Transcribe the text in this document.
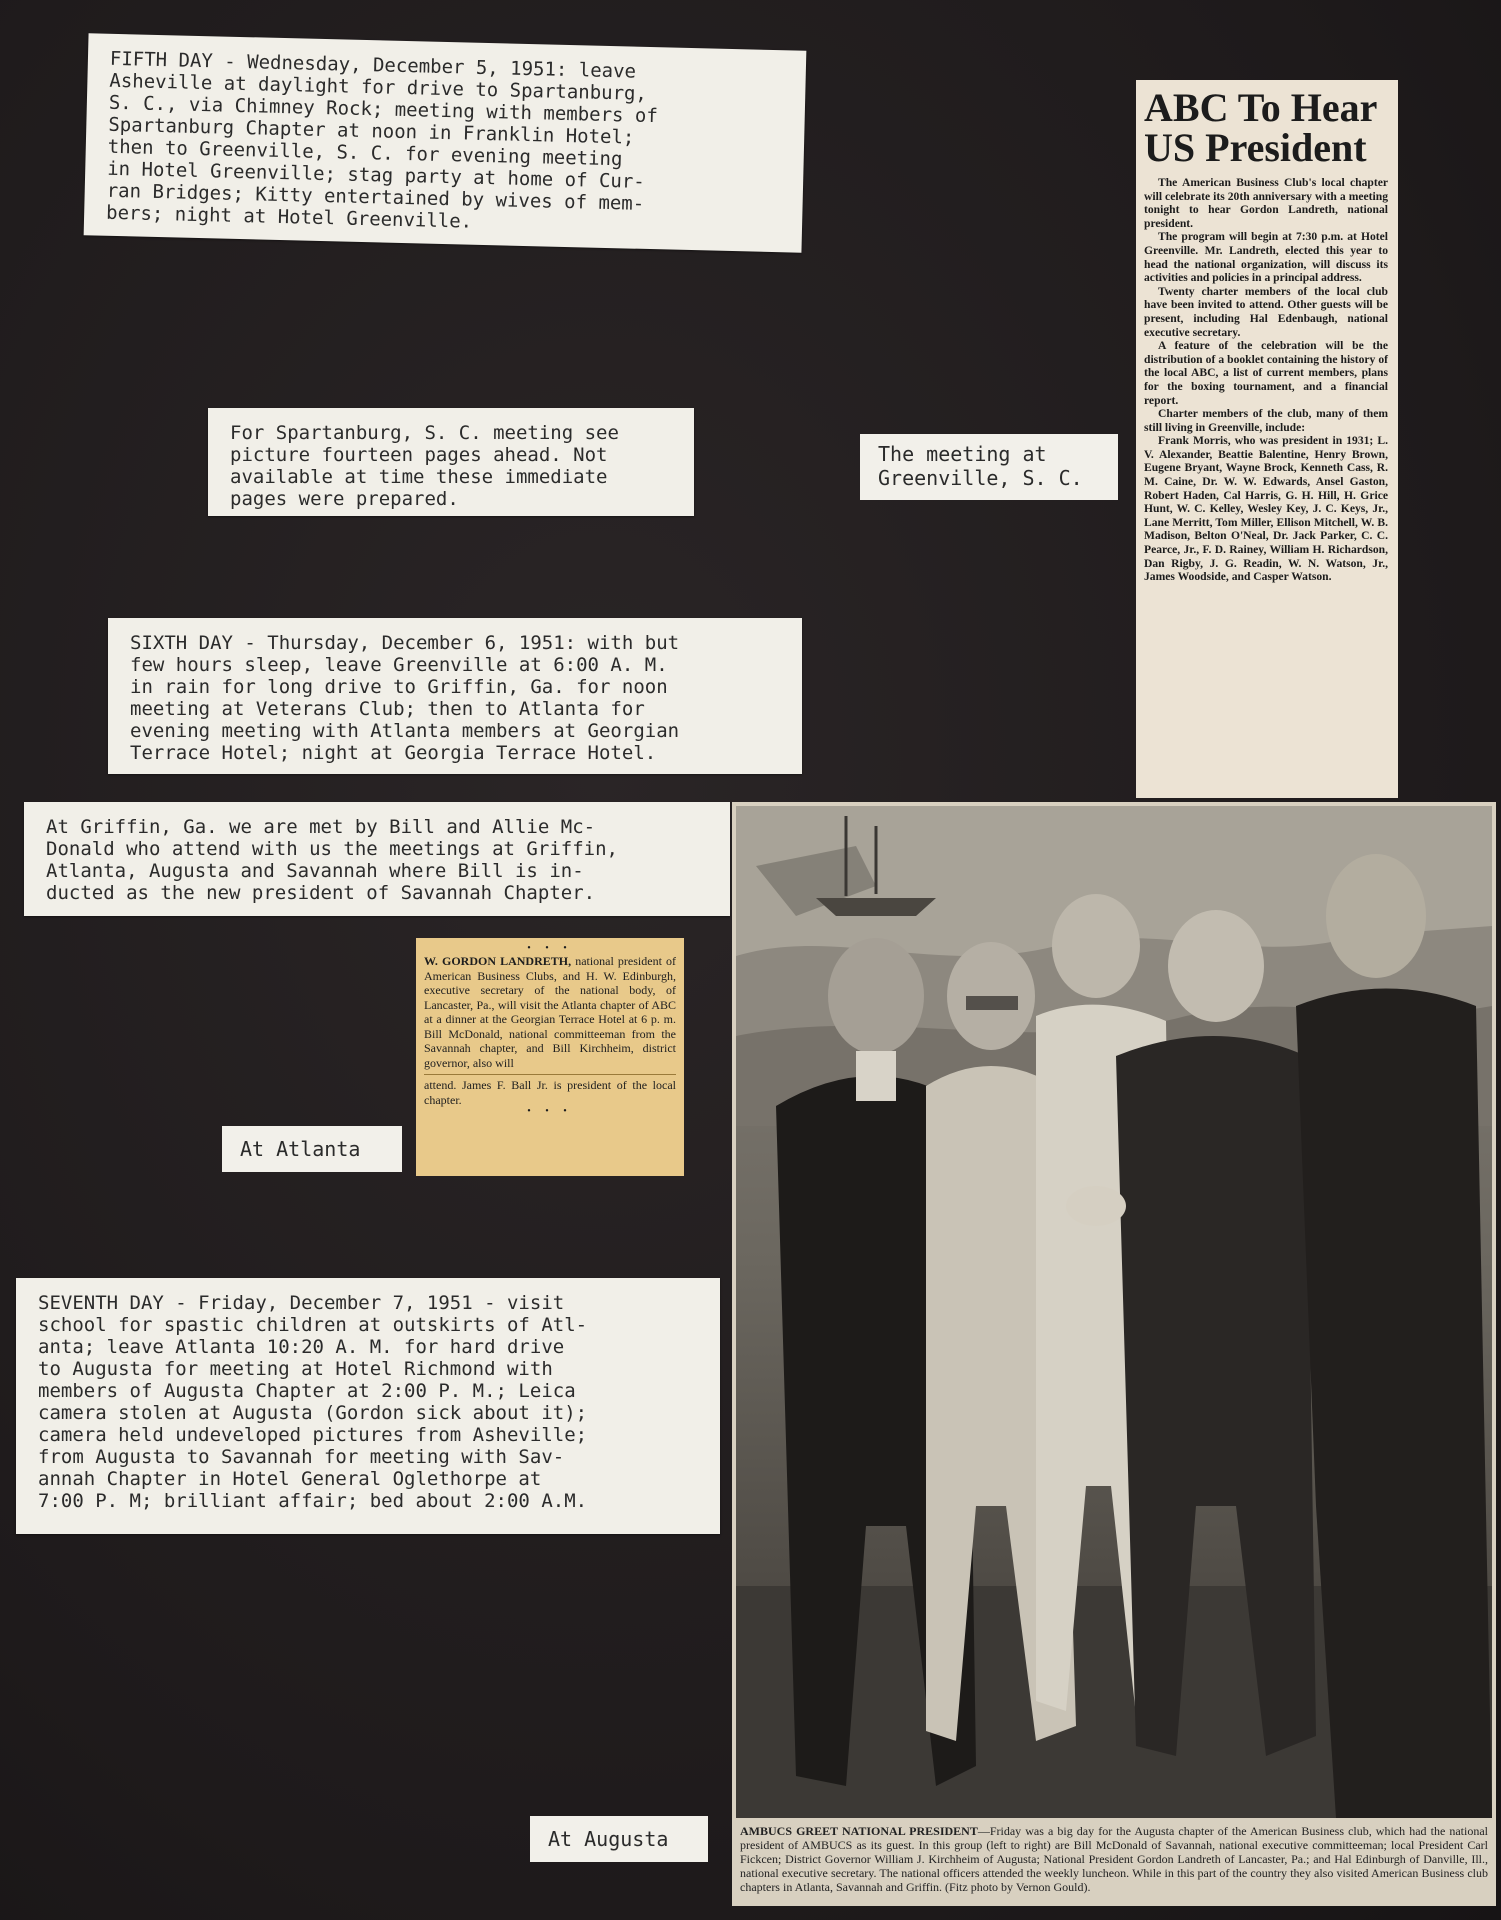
FIFTH DAY - Wednesday, December 5, 1951: leave
Asheville at daylight for drive to Spartanburg,
S. C., via Chimney Rock; meeting with members of
Spartanburg Chapter at noon in Franklin Hotel;
then to Greenville, S. C. for evening meeting
in Hotel Greenville; stag party at home of Cur-
ran Bridges; Kitty entertained by wives of mem-
bers; night at Hotel Greenville.
For Spartanburg, S. C. meeting see
picture fourteen pages ahead. Not
available at time these immediate
pages were prepared.
The meeting at
Greenville, S. C.
ABC To Hear
US President

The American Business Club's local chapter will celebrate its 20th anniversary with a meeting tonight to hear Gordon Landreth, national president.

The program will begin at 7:30 p.m. at Hotel Greenville. Mr. Landreth, elected this year to head the national organization, will discuss its activities and policies in a principal address.

Twenty charter members of the local club have been invited to attend. Other guests will be present, including Hal Edenbaugh, national executive secretary.

A feature of the celebration will be the distribution of a booklet containing the history of the local ABC, a list of current members, plans for the boxing tournament, and a financial report.

Charter members of the club, many of them still living in Greenville, include:

Frank Morris, who was president in 1931; L. V. Alexander, Beattie Balentine, Henry Brown, Eugene Bryant, Wayne Brock, Kenneth Cass, R. M. Caine, Dr. W. W. Edwards, Ansel Gaston, Robert Haden, Cal Harris, G. H. Hill, H. Grice Hunt, W. C. Kelley, Wesley Key, J. C. Keys, Jr., Lane Merritt, Tom Miller, Ellison Mitchell, W. B. Madison, Belton O'Neal, Dr. Jack Parker, C. C. Pearce, Jr., F. D. Rainey, William H. Richardson, Dan Rigby, J. G. Readin, W. N. Watson, Jr., James Woodside, and Casper Watson.

SIXTH DAY - Thursday, December 6, 1951: with but
few hours sleep, leave Greenville at 6:00 A. M.
in rain for long drive to Griffin, Ga. for noon
meeting at Veterans Club; then to Atlanta for
evening meeting with Atlanta members at Georgian
Terrace Hotel; night at Georgia Terrace Hotel.
At Griffin, Ga. we are met by Bill and Allie Mc-
Donald who attend with us the meetings at Griffin,
Atlanta, Augusta and Savannah where Bill is in-
ducted as the new president of Savannah Chapter.
• • •
W. GORDON LANDRETH, national president of American Business Clubs, and H. W. Edinburgh, executive secretary of the national body, of Lancaster, Pa., will visit the Atlanta chapter of ABC at a dinner at the Georgian Terrace Hotel at 6 p. m. Bill McDonald, national committeeman from the Savannah chapter, and Bill Kirchheim, district governor, also will
attend. James F. Ball Jr. is president of the local chapter.
• • •
At Atlanta
SEVENTH DAY - Friday, December 7, 1951 - visit
school for spastic children at outskirts of Atl-
anta; leave Atlanta 10:20 A. M. for hard drive
to Augusta for meeting at Hotel Richmond with
members of Augusta Chapter at 2:00 P. M.; Leica
camera stolen at Augusta (Gordon sick about it);
camera held undeveloped pictures from Asheville;
from Augusta to Savannah for meeting with Sav-
annah Chapter in Hotel General Oglethorpe at
7:00 P. M; brilliant affair; bed about 2:00 A.M.
At Augusta	AMBUCS GREET NATIONAL PRESIDENT—Friday was a big day for the Augusta chapter of the American Business club, which had the national president of AMBUCS as its guest. In this group (left to right) are Bill McDonald of Savannah, national executive committeeman; local President Carl Fickcen; District Governor William J. Kirchheim of Augusta; National President Gordon Landreth of Lancaster, Pa.; and Hal Edinburgh of Danville, Ill., national executive secretary. The national officers attended the weekly luncheon. While in this part of the country they also visited American Business club chapters in Atlanta, Savannah and Griffin. (Fitz photo by Vernon Gould).
